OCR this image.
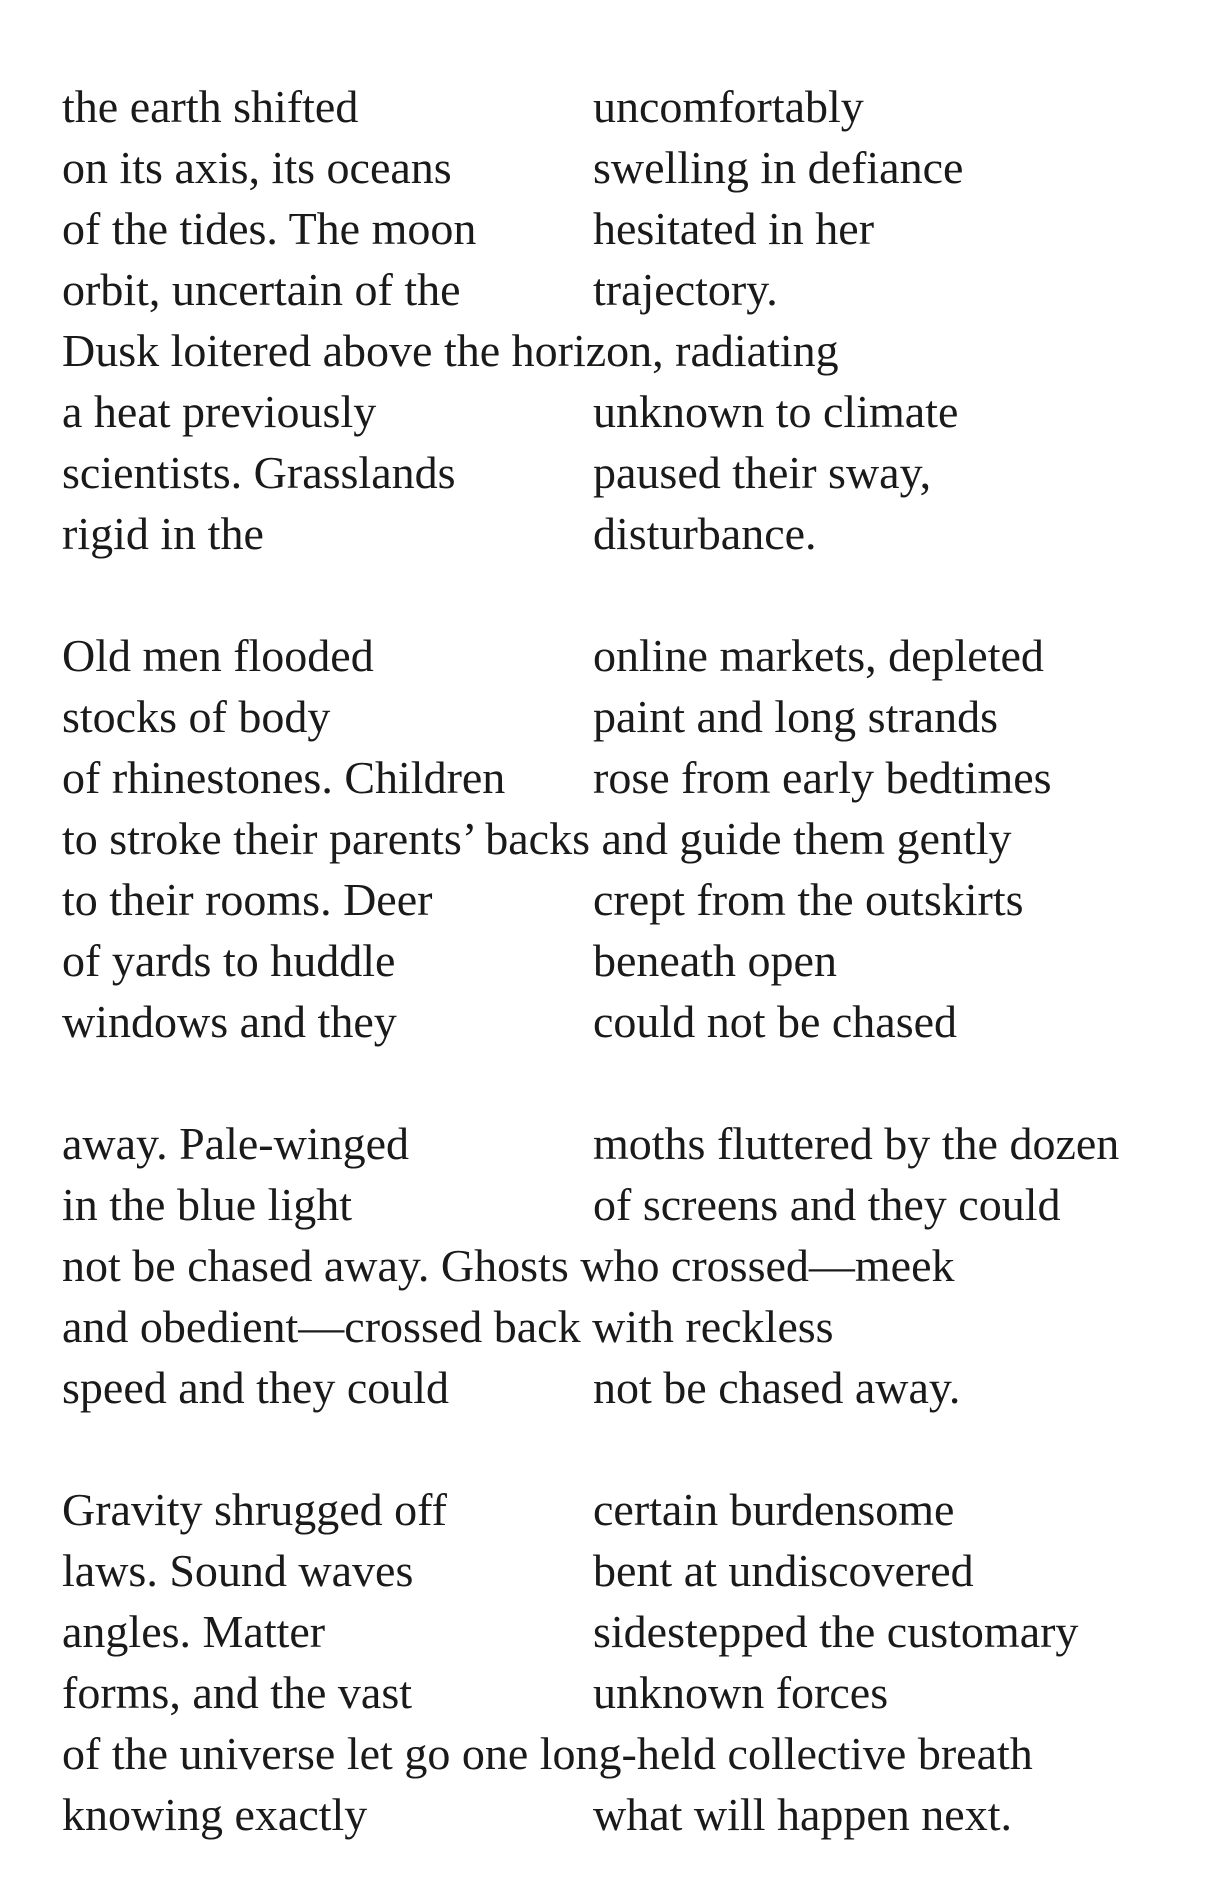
the earth shifted	uncomfortably
on its axis, its oceans	swelling in defiance
of the tides. The moon	hesitated in her
orbit, uncertain of the	trajectory.
Dusk loitered above the horizon, radiating
a heat previously	unknown to climate
scientists. Grasslands	paused their sway,
rigid in the	disturbance.
Old men flooded	online markets, depleted
stocks of body	paint and long strands
of rhinestones. Children rose from early bedtimes
to stroke their parents’ backs and guide them gently
to their rooms. Deer	crept from the outskirts
of yards to huddle	beneath open
windows and they	could not be chased
away. Pale-winged	moths fluttered by the dozen
in the blue light	of screens and they could
not be chased away. Ghosts who crossed—meek
and obedient—crossed back with reckless
speed and they could	not be chased away.
Gravity shrugged off	certain burdensome
laws. Sound waves	bent at undiscovered
angles. Matter	sidestepped the customary
forms, and the vast	unknown forces
of the universe let go one long-held collective breath
knowing exactly	what will happen next.
